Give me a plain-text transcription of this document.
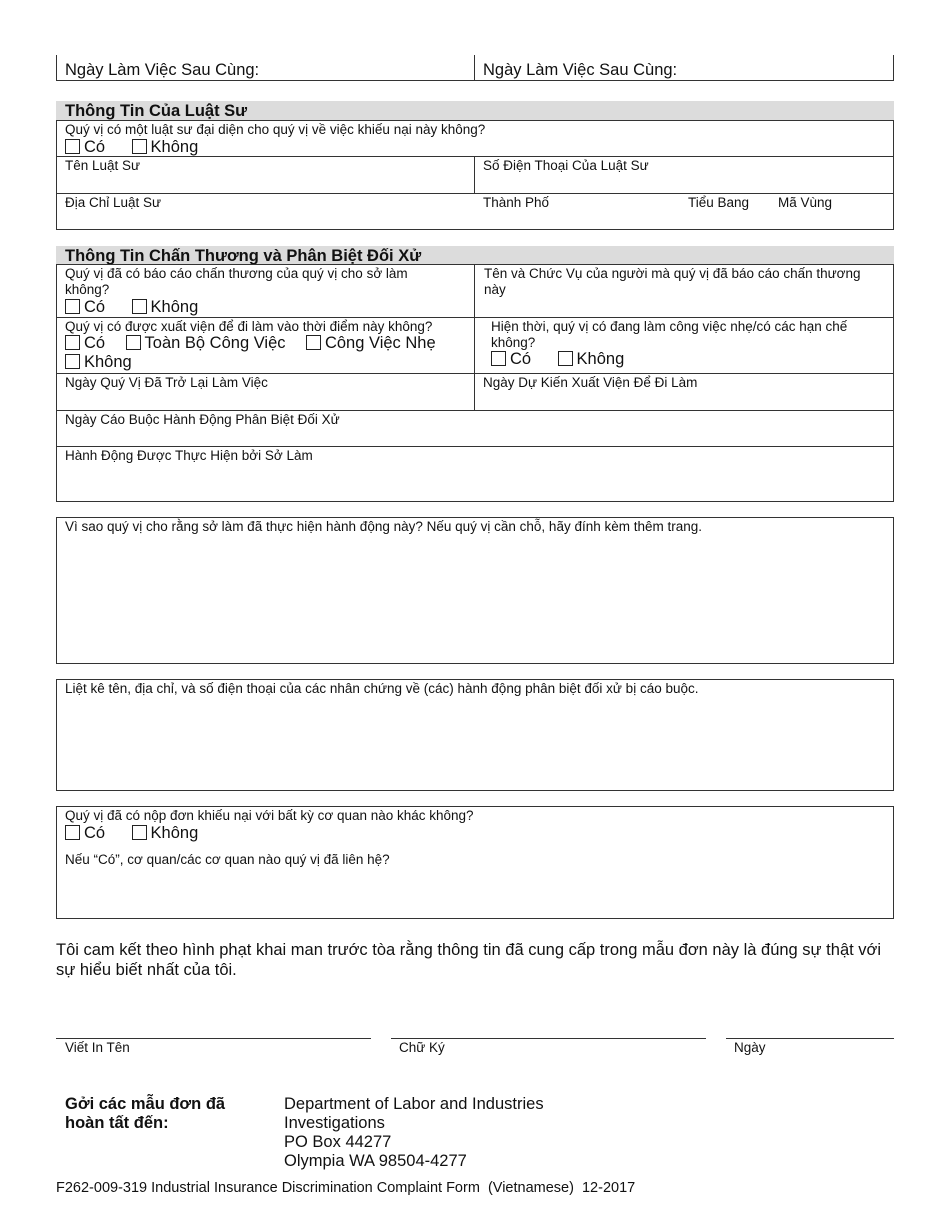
Ngày Làm Việc Sau Cùng:	Ngày Làm Việc Sau Cùng:
Thông Tin Của Luật Sư
Quý vị có một luật sư đại diện cho quý vị về việc khiếu nại này không?
Có	Không
Tên Luật Sư	Số Điện Thoại Của Luật Sư
Địa Chỉ Luật Sư	Thành Phố	Tiểu Bang Mã Vùng
Thông Tin Chấn Thương và Phân Biệt Đối Xử
Quý vị đã có báo cáo chấn thương của quý vị cho sở làm không?
Có	Không
Tên và Chức Vụ của người mà quý vị đã báo cáo chấn thương này
Quý vị có được xuất viện để đi làm vào thời điểm này không?
Có Toàn Bộ Công Việc Công Việc Nhẹ
Không
Hiện thời, quý vị có đang làm công việc nhẹ/có các hạn chế không?
Có	Không
Ngày Quý Vị Đã Trở Lại Làm Việc	Ngày Dự Kiến Xuất Viện Để Đi Làm
Ngày Cáo Buộc Hành Động Phân Biệt Đối Xử
Hành Động Được Thực Hiện bởi Sở Làm
Vì sao quý vị cho rằng sở làm đã thực hiện hành động này? Nếu quý vị cần chỗ, hãy đính kèm thêm trang.
Liệt kê tên, địa chỉ, và số điện thoại của các nhân chứng về (các) hành động phân biệt đối xử bị cáo buộc.
Quý vị đã có nộp đơn khiếu nại với bất kỳ cơ quan nào khác không?
Có	Không
Nếu “Có”, cơ quan/các cơ quan nào quý vị đã liên hệ?
Tôi cam kết theo hình phạt khai man trước tòa rằng thông tin đã cung cấp trong mẫu đơn này là đúng sự thật với sự hiểu biết nhất của tôi.
Viết In Tên	Chữ Ký	Ngày
Gởi các mẫu đơn đã hoàn tất đến:
Department of Labor and Industries
Investigations
PO Box 44277
Olympia WA 98504-4277
F262-009-319 Industrial Insurance Discrimination Complaint Form  (Vietnamese)  12-2017
